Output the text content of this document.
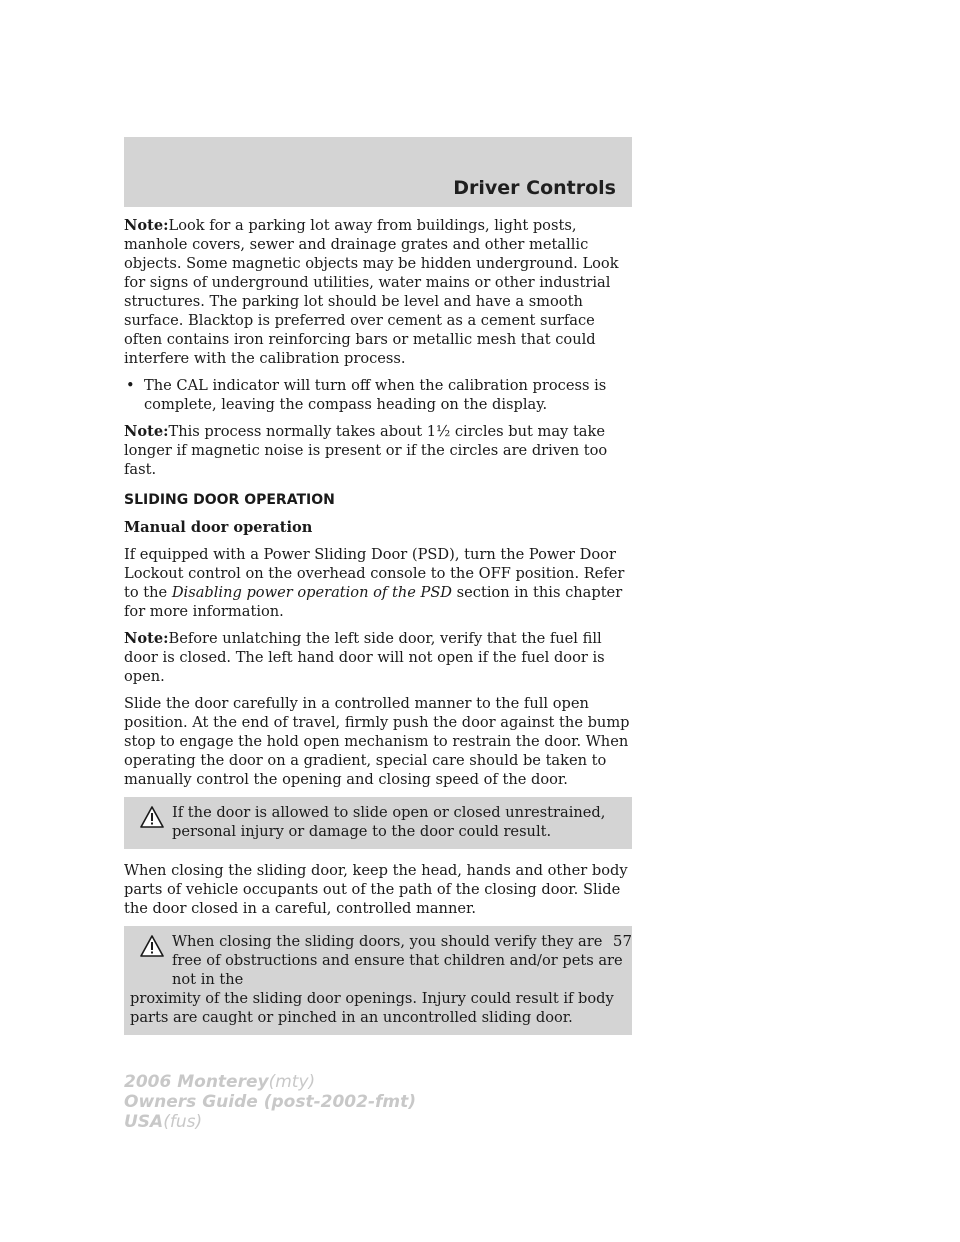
Driver Controls

Note:Look for a parking lot away from buildings, light posts, manhole covers, sewer and drainage grates and other metallic objects. Some magnetic objects may be hidden underground. Look for signs of underground utilities, water mains or other industrial structures. The parking lot should be level and have a smooth surface. Blacktop is preferred over cement as a cement surface often contains iron reinforcing bars or metallic mesh that could interfere with the calibration process.

• The CAL indicator will turn off when the calibration process is complete, leaving the compass heading on the display.

Note:This process normally takes about 1½ circles but may take longer if magnetic noise is present or if the circles are driven too fast.

SLIDING DOOR OPERATION
Manual door operation

If equipped with a Power Sliding Door (PSD), turn the Power Door Lockout control on the overhead console to the OFF position. Refer to the Disabling power operation of the PSD section in this chapter for more information.

Note:Before unlatching the left side door, verify that the fuel fill door is closed. The left hand door will not open if the fuel door is open.

Slide the door carefully in a controlled manner to the full open position. At the end of travel, firmly push the door against the bump stop to engage the hold open mechanism to restrain the door. When operating the door on a gradient, special care should be taken to manually control the opening and closing speed of the door.

If the door is allowed to slide open or closed unrestrained, personal injury or damage to the door could result.

When closing the sliding door, keep the head, hands and other body parts of vehicle occupants out of the path of the closing door. Slide the door closed in a careful, controlled manner.

When closing the sliding doors, you should verify they are free of obstructions and ensure that children and/or pets are not in the
proximity of the sliding door openings. Injury could result if body parts are caught or pinched in an uncontrolled sliding door.
57
2006 Monterey(mty)
Owners Guide (post-2002-fmt)
USA(fus)
